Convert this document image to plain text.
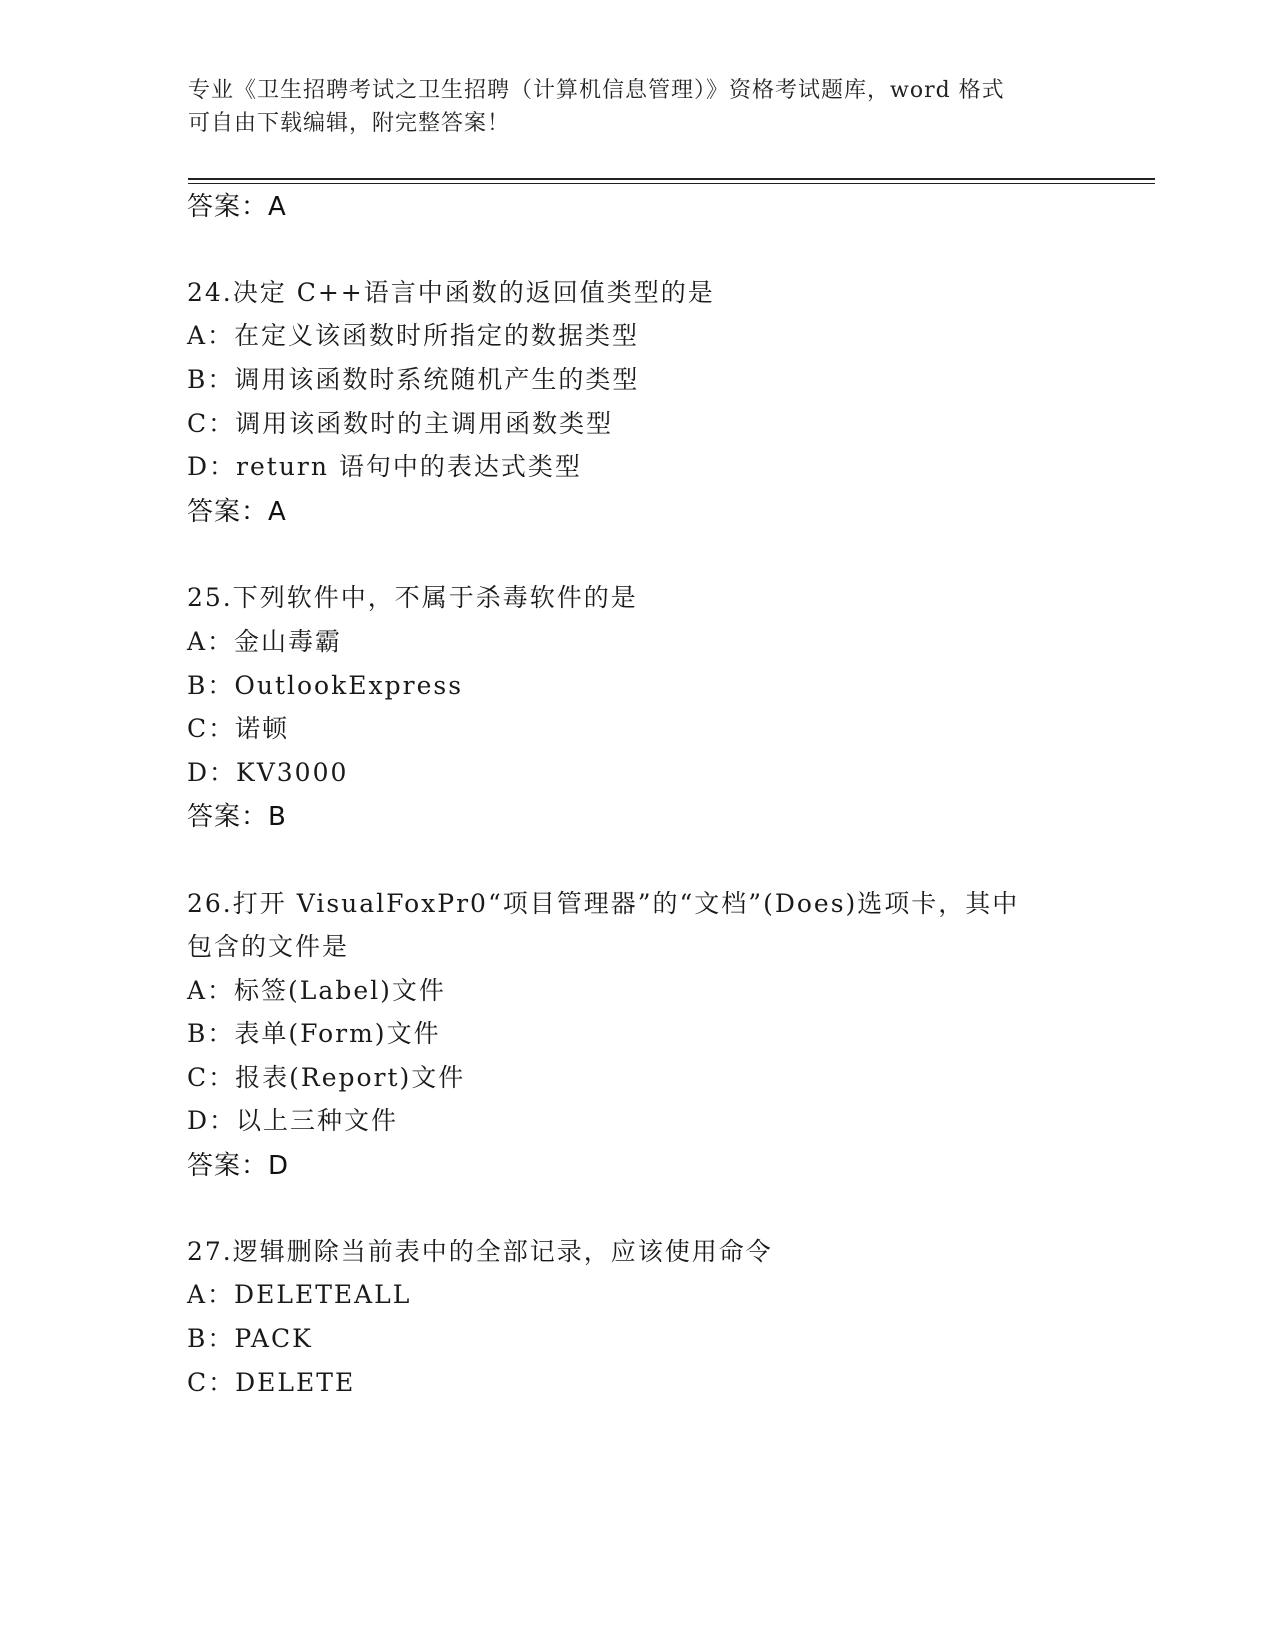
专业《卫生招聘考试之卫生招聘（计算机信息管理）》资格考试题库，word 格式
可自由下载编辑，附完整答案！
答案：A
24.决定 C++语言中函数的返回值类型的是
A：在定义该函数时所指定的数据类型
B：调用该函数时系统随机产生的类型
C：调用该函数时的主调用函数类型
D：return 语句中的表达式类型
答案：A
25.下列软件中，不属于杀毒软件的是
A：金山毒霸
B：OutlookExpress
C：诺顿
D：KV3000
答案：B
26.打开 VisualFoxPr0“项目管理器”的“文档”(Does)选项卡，其中
包含的文件是
A：标签(Label)文件
B：表单(Form)文件
C：报表(Report)文件
D：以上三种文件
答案：D
27.逻辑删除当前表中的全部记录，应该使用命令
A：DELETEALL
B：PACK
C：DELETE
